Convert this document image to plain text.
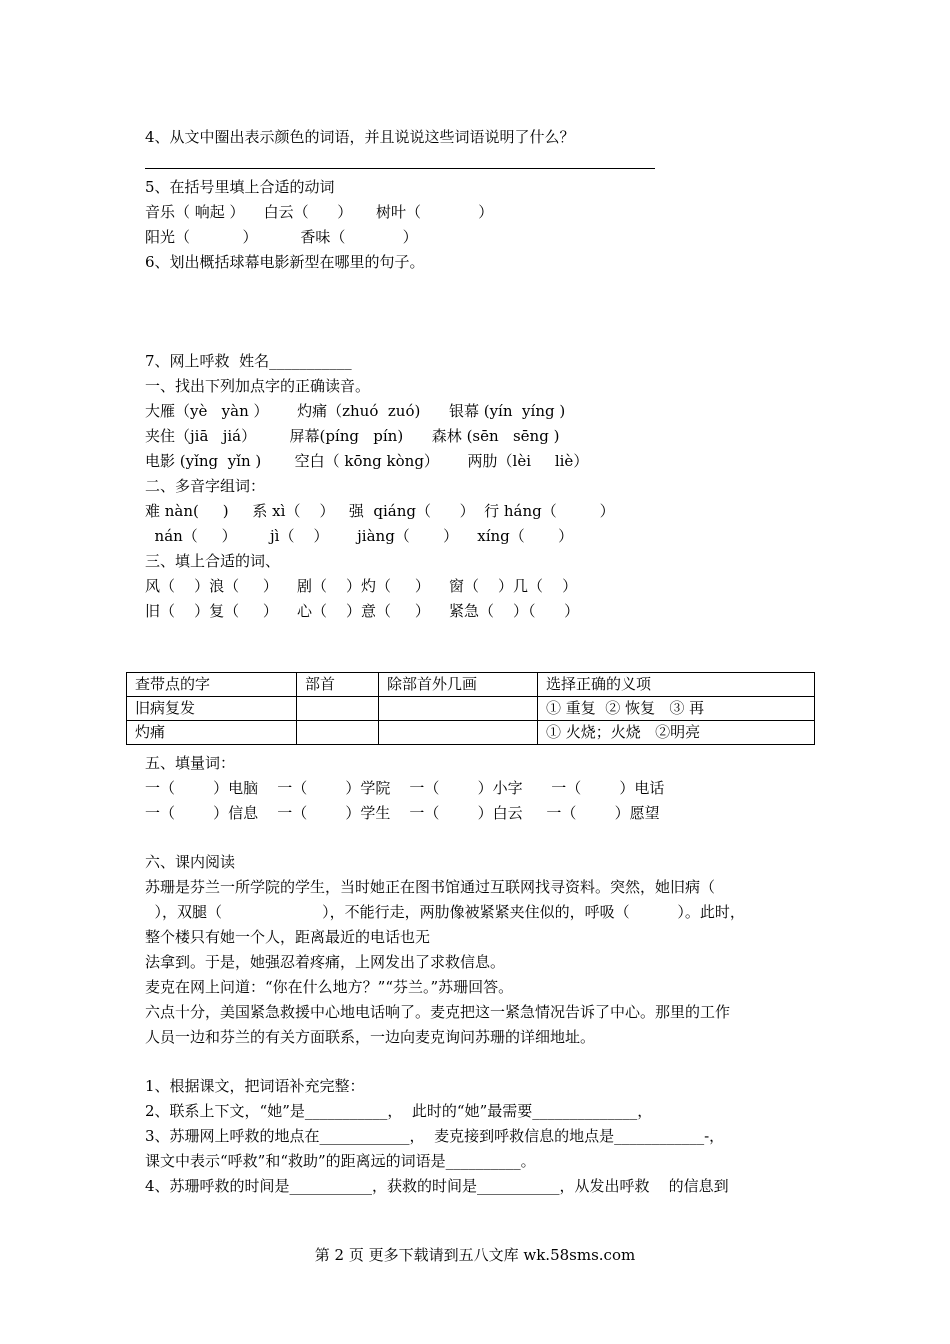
4、从文中圈出表示颜色的词语，并且说说这些词语说明了什么？
5、在括号里填上合适的动词
音乐（ 响起 ）    白云（      ）     树叶（            ）
阳光（           ）         香味（            ）
6、划出概括球幕电影新型在哪里的句子。
7、网上呼救  姓名___________
一、找出下列加点字的正确读音。
大雁（yè   yàn ）      灼痛（zhuó  zuó)      银幕 (yín  yíng )
夹住（jiā   jiá）       屏幕(píng   pín)      森林 (sēn   sēng )
电影 (yǐng  yǐn )       空白（ kōng kòng）      两肋（lèi     liè）
二、多音字组词：
难 nàn(     )     系 xì（    ）   强  qiáng（      ）  行 háng（         ）
nán（     ）       jì（    ）      jiàng（       ）    xíng（       ）
三、填上合适的词、
风（    ）浪（     ）    剧（    ）灼（     ）    窗（    ）几（    ）
旧（    ）复（     ）    心（    ）意（     ）    紧急（    ）（      ）
查带点的字	部首	除部首外几画	选择正确的义项
旧病复发			① 重复  ② 恢复   ③ 再
灼痛			① 火烧；火烧   ②明亮
五、填量词：
一（        ）电脑    一（        ）学院    一（        ）小字      一（        ）电话
一（        ）信息    一（        ）学生    一（        ）白云     一（        ）愿望
六、课内阅读
苏珊是芬兰一所学院的学生，当时她正在图书馆通过互联网找寻资料。突然，她旧病（
），双腿（                     ），不能行走，两肋像被紧紧夹住似的，呼吸（          ）。此时，
整个楼只有她一个人，距离最近的电话也无
法拿到。于是，她强忍着疼痛，上网发出了求救信息。
麦克在网上问道：“你在什么地方？”“芬兰。”苏珊回答。
六点十分，美国紧急救援中心地电话响了。麦克把这一紧急情况告诉了中心。那里的工作
人员一边和芬兰的有关方面联系，一边向麦克询问苏珊的详细地址。
1、根据课文，把词语补充完整：
2、联系上下文，“她”是___________，  此时的“她”最需要______________，
3、苏珊网上呼救的地点在____________，  麦克接到呼救信息的地点是____________-，
课文中表示“呼救”和“救助”的距离远的词语是__________。
4、苏珊呼救的时间是___________，获救的时间是___________，从发出呼救    的信息到
第 2 页 更多下载请到五八文库 wk.58sms.com
